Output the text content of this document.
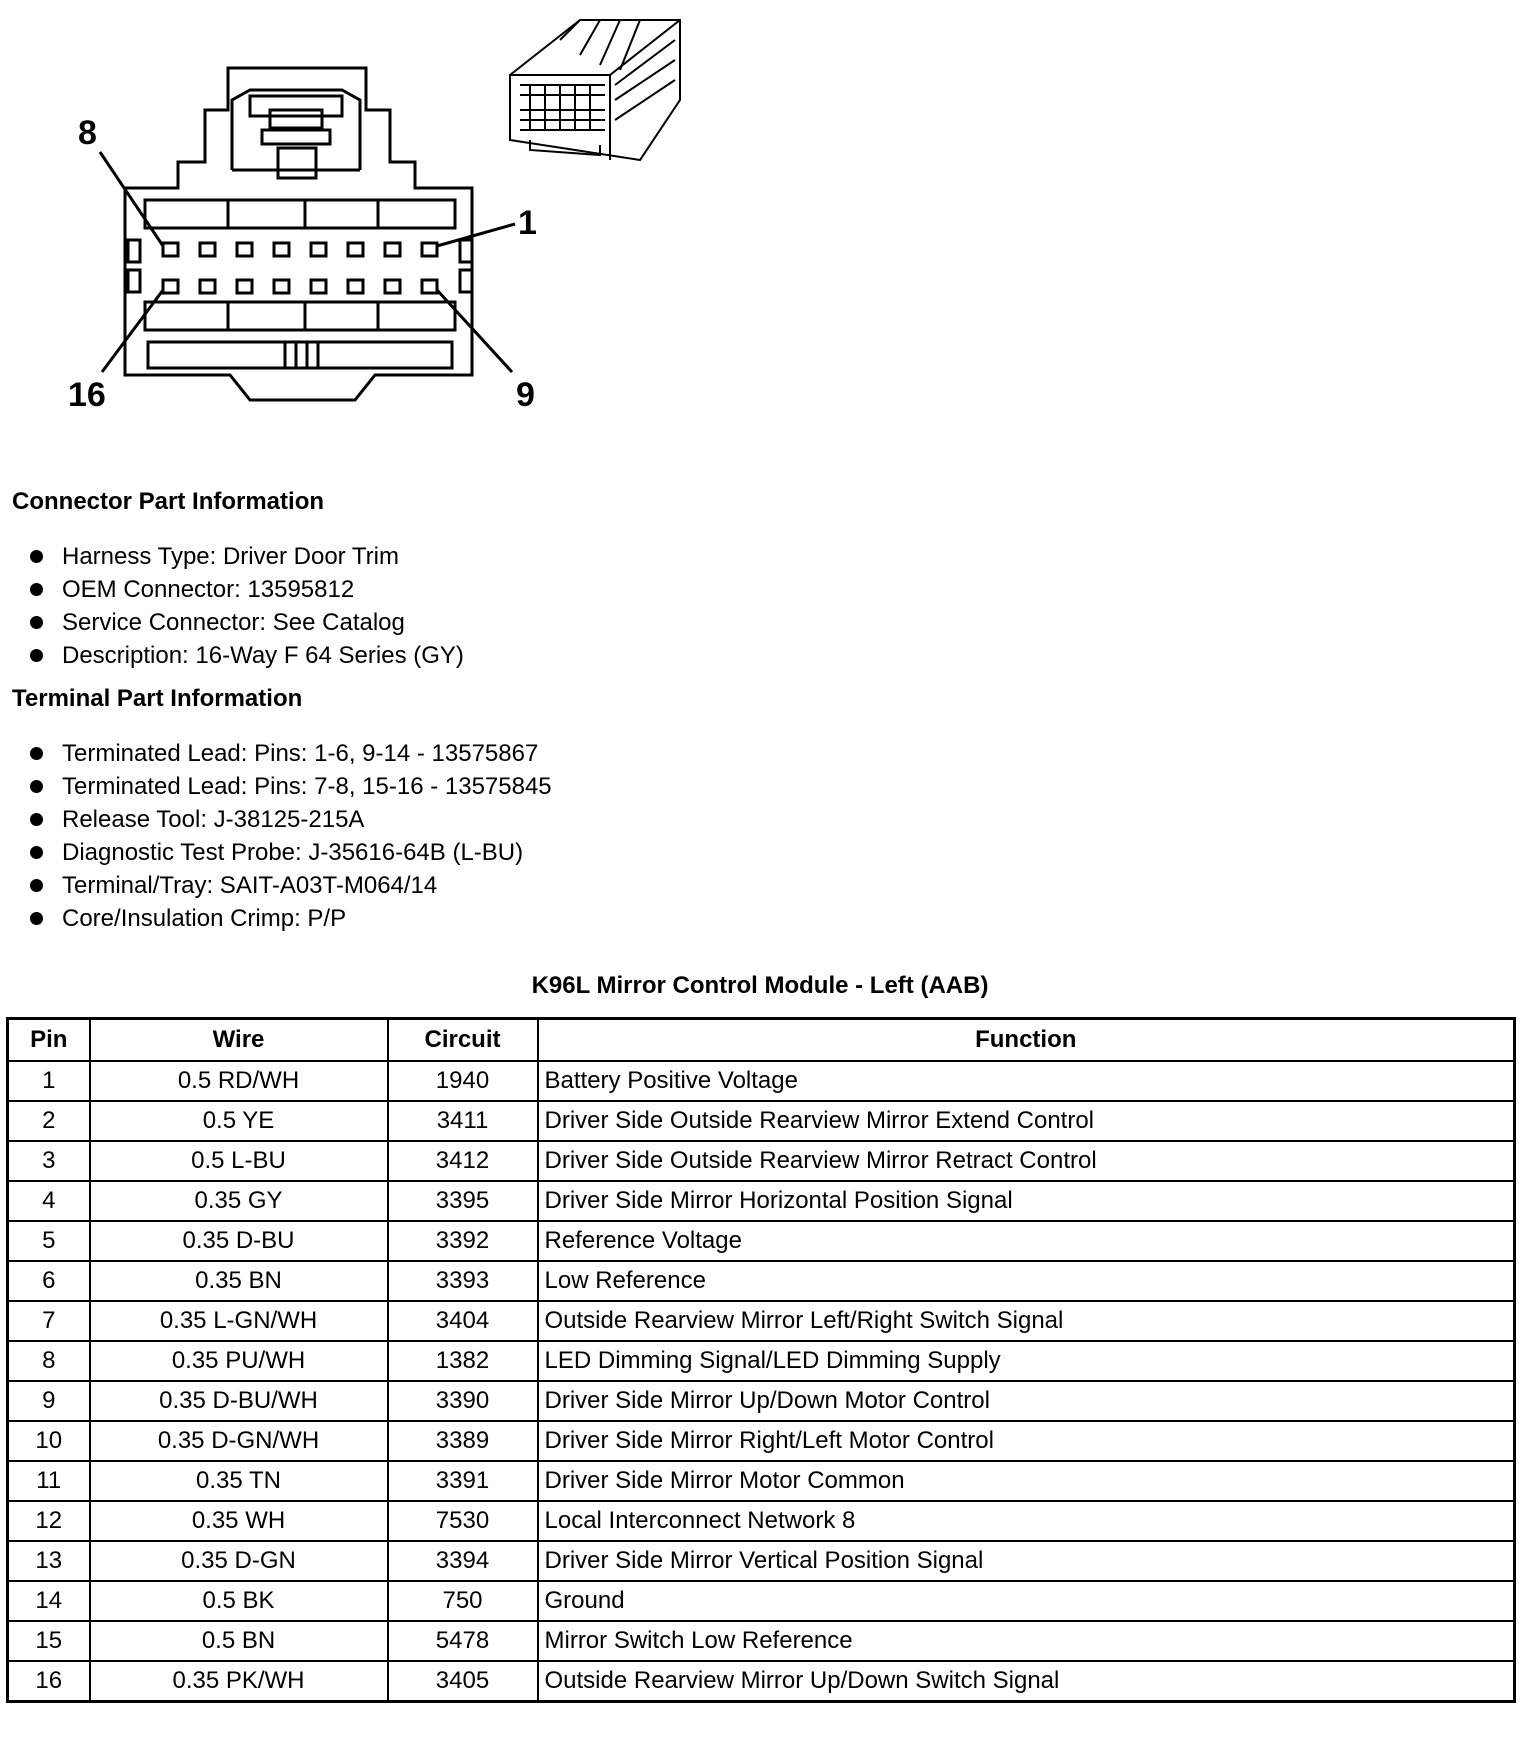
8
1
16	9
Connector Part Information
Harness Type: Driver Door Trim
OEM Connector: 13595812
Service Connector: See Catalog
Description: 16-Way F 64 Series (GY)
Terminal Part Information
Terminated Lead: Pins: 1-6, 9-14 - 13575867
Terminated Lead: Pins: 7-8, 15-16 - 13575845
Release Tool: J-38125-215A
Diagnostic Test Probe: J-35616-64B (L-BU)
Terminal/Tray: SAIT-A03T-M064/14
Core/Insulation Crimp: P/P
K96L Mirror Control Module - Left (AAB)
Pin	Wire	Circuit	Function
1	0.5 RD/WH	1940	Battery Positive Voltage
2	0.5 YE	3411	Driver Side Outside Rearview Mirror Extend Control
3	0.5 L-BU	3412	Driver Side Outside Rearview Mirror Retract Control
4	0.35 GY	3395	Driver Side Mirror Horizontal Position Signal
5	0.35 D-BU	3392	Reference Voltage
6	0.35 BN	3393	Low Reference
7	0.35 L-GN/WH	3404	Outside Rearview Mirror Left/Right Switch Signal
8	0.35 PU/WH	1382	LED Dimming Signal/LED Dimming Supply
9	0.35 D-BU/WH	3390	Driver Side Mirror Up/Down Motor Control
10	0.35 D-GN/WH	3389	Driver Side Mirror Right/Left Motor Control
11	0.35 TN	3391	Driver Side Mirror Motor Common
12	0.35 WH	7530	Local Interconnect Network 8
13	0.35 D-GN	3394	Driver Side Mirror Vertical Position Signal
14	0.5 BK	750	Ground
15	0.5 BN	5478	Mirror Switch Low Reference
16	0.35 PK/WH	3405	Outside Rearview Mirror Up/Down Switch Signal
